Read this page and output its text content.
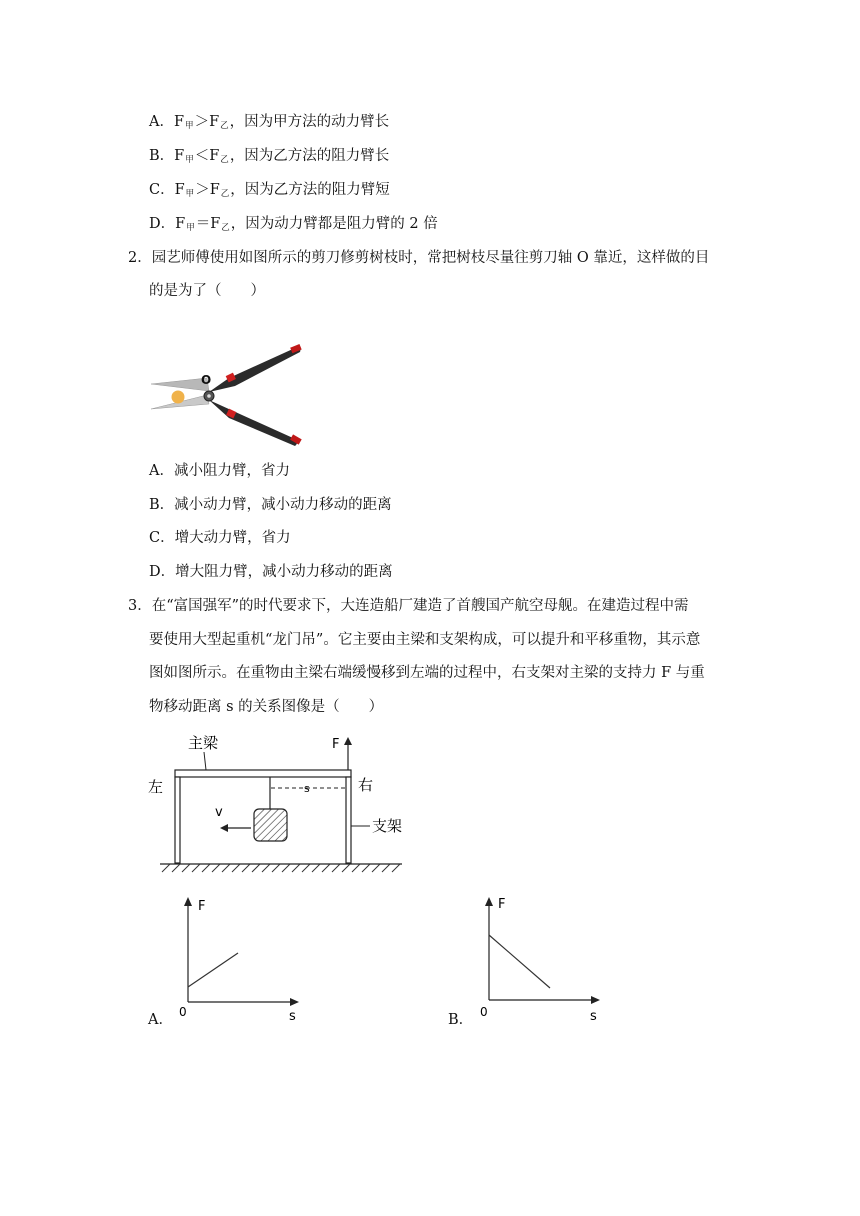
A．$F_甲>F_乙$，因为甲方法的动力臂长
B．$F_甲<F_乙$，因为乙方法的阻力臂长
C．$F_甲>F_乙$，因为乙方法的阻力臂短
D．$F_甲=F_乙$，因为动力臂都是阻力臂的 2 倍
2．园艺师傅使用如图所示的剪刀修剪树枝时，常把树枝尽量往剪刀轴 O 靠近，这样做的目
的是为了（　　）
O
A．减小阻力臂，省力
B．减小动力臂，减小动力移动的距离
C．增大动力臂，省力
D．增大阻力臂，减小动力移动的距离
3．在“富国强军”的时代要求下，大连造船厂建造了首艘国产航空母舰。在建造过程中需
要使用大型起重机“龙门吊”。它主要由主梁和支架构成，可以提升和平移重物，其示意
图如图所示。在重物由主梁右端缓慢移到左端的过程中，右支架对主梁的支持力 F 与重
物移动距离 s 的关系图像是（　　）
v
s
F
主梁
左	右
支架
F
0	s
A．
F
0	s
B．
